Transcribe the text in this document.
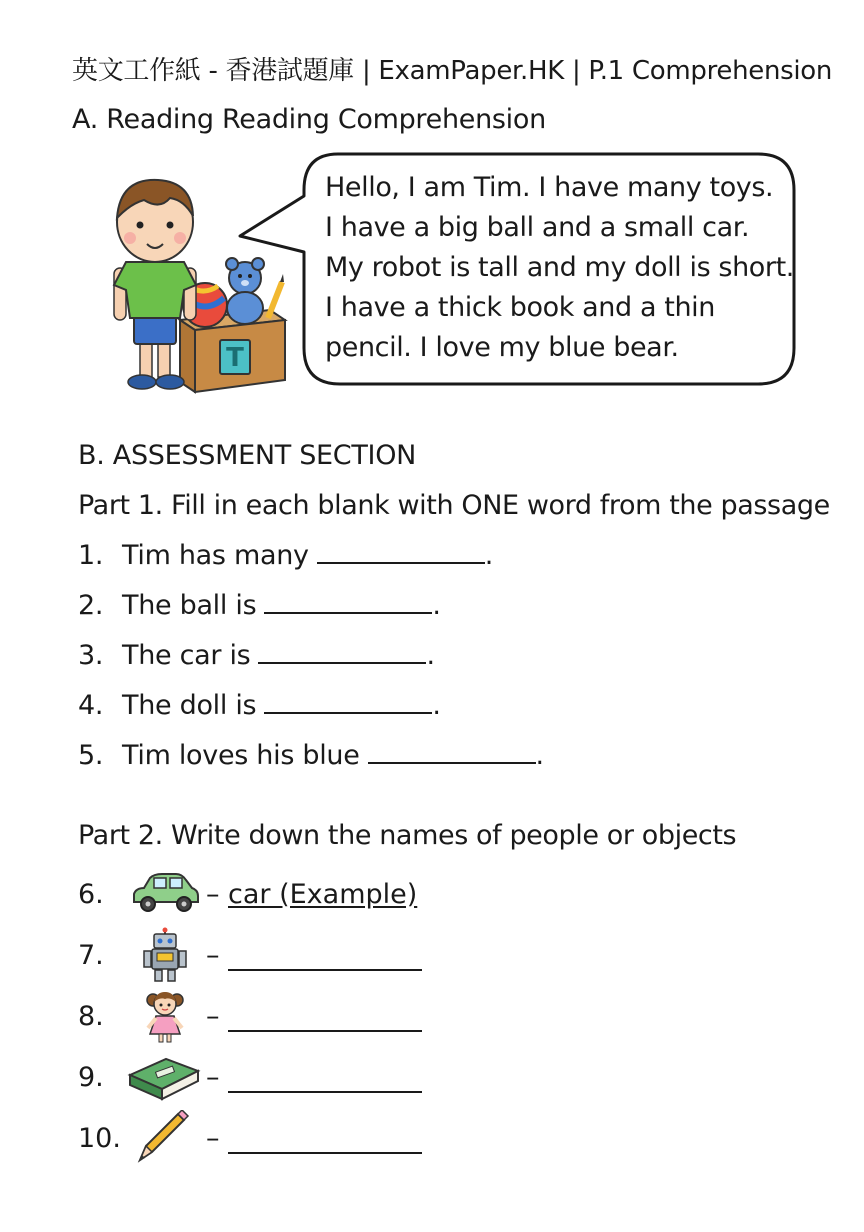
英文工作紙 - 香港試題庫 | ExamPaper.HK | P.1 Comprehension
A. Reading Reading Comprehension
T
Hello, I am Tim. I have many toys.
I have a big ball and a small car.
My robot is tall and my doll is short.
I have a thick book and a thin
pencil. I love my blue bear.
B. ASSESSMENT SECTION
Part 1. Fill in each blank with ONE word from the passage
1. Tim has many	.
2. The ball is	.
3. The car is	.
4. The doll is	.
5. Tim loves his blue	.
Part 2. Write down the names of people or objects
6.	– car (Example)
7.	–
8.	–
9.	–
10.	–
